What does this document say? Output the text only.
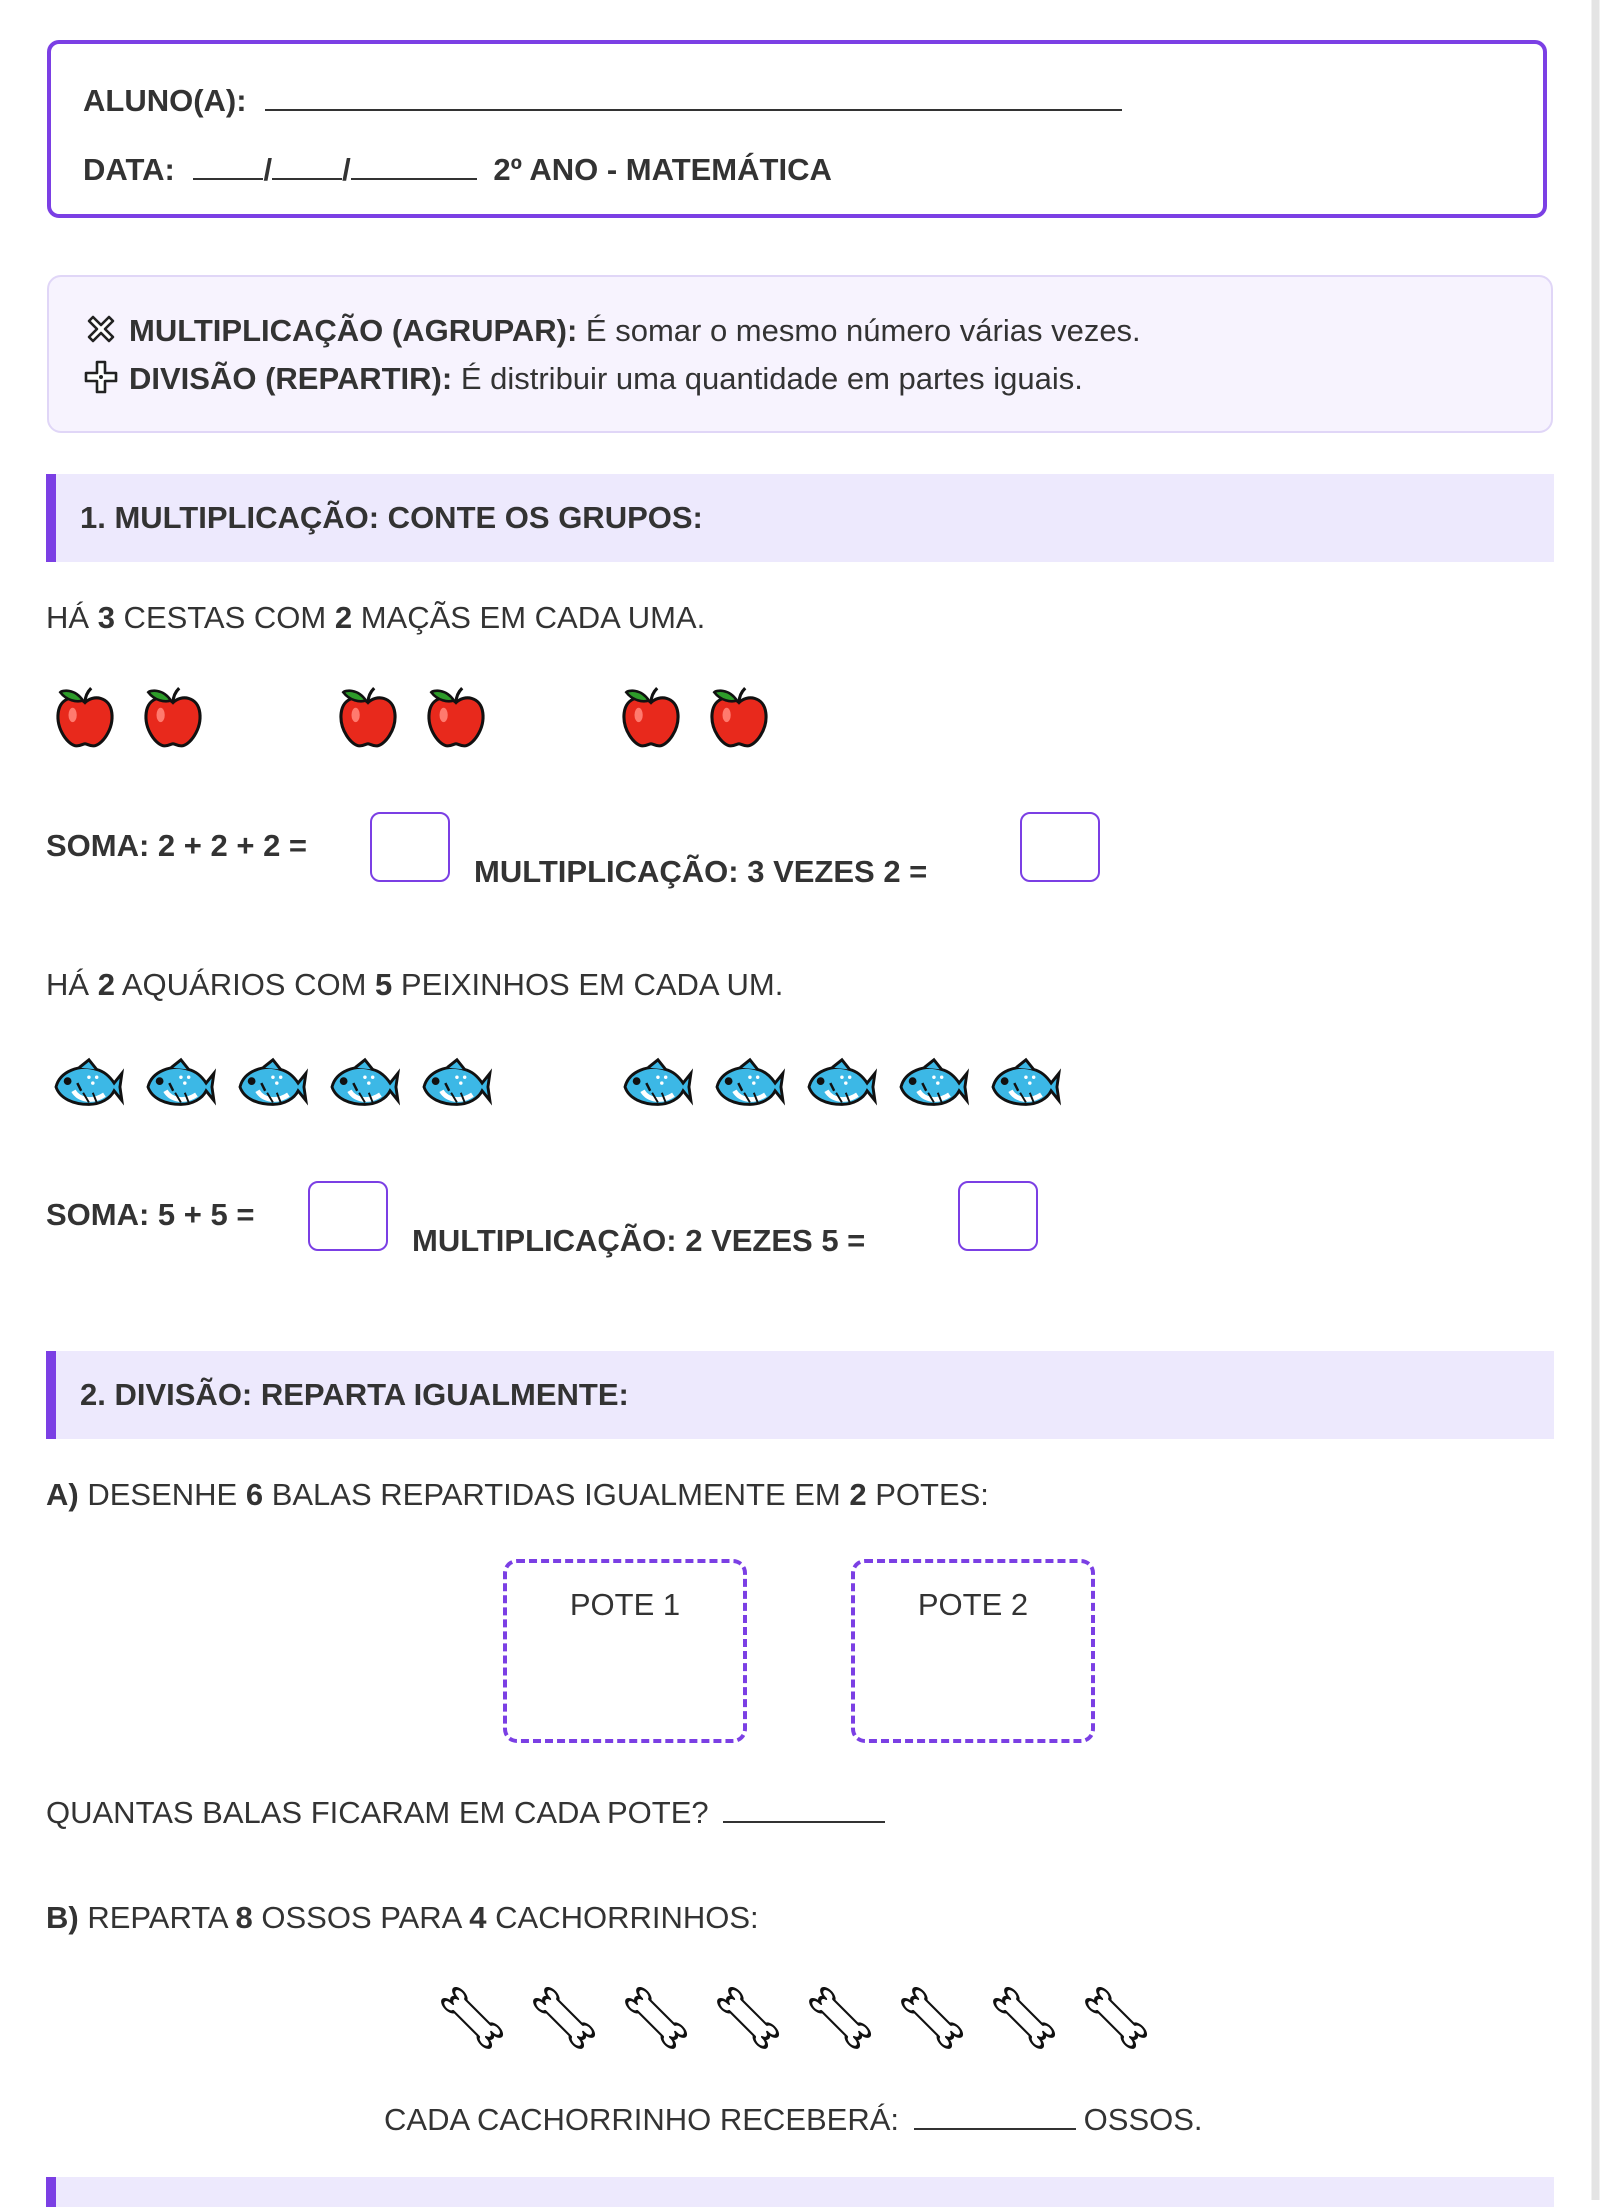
ALUNO(A):
DATA:	/ /	2º ANO - MATEMÁTICA
MULTIPLICAÇÃO (AGRUPAR): É somar o mesmo número várias vezes.
DIVISÃO (REPARTIR): É distribuir uma quantidade em partes iguais.
1. MULTIPLICAÇÃO: CONTE OS GRUPOS:
HÁ 3 CESTAS COM 2 MAÇÃS EM CADA UMA.
SOMA: 2 + 2 + 2 =
MULTIPLICAÇÃO: 3 VEZES 2 =
HÁ 2 AQUÁRIOS COM 5 PEIXINHOS EM CADA UM.
SOMA: 5 + 5 =
MULTIPLICAÇÃO: 2 VEZES 5 =
2. DIVISÃO: REPARTA IGUALMENTE:
A) DESENHE 6 BALAS REPARTIDAS IGUALMENTE EM 2 POTES:
POTE 1	POTE 2
QUANTAS BALAS FICARAM EM CADA POTE?
B) REPARTA 8 OSSOS PARA 4 CACHORRINHOS:
CADA CACHORRINHO RECEBERÁ:	OSSOS.
